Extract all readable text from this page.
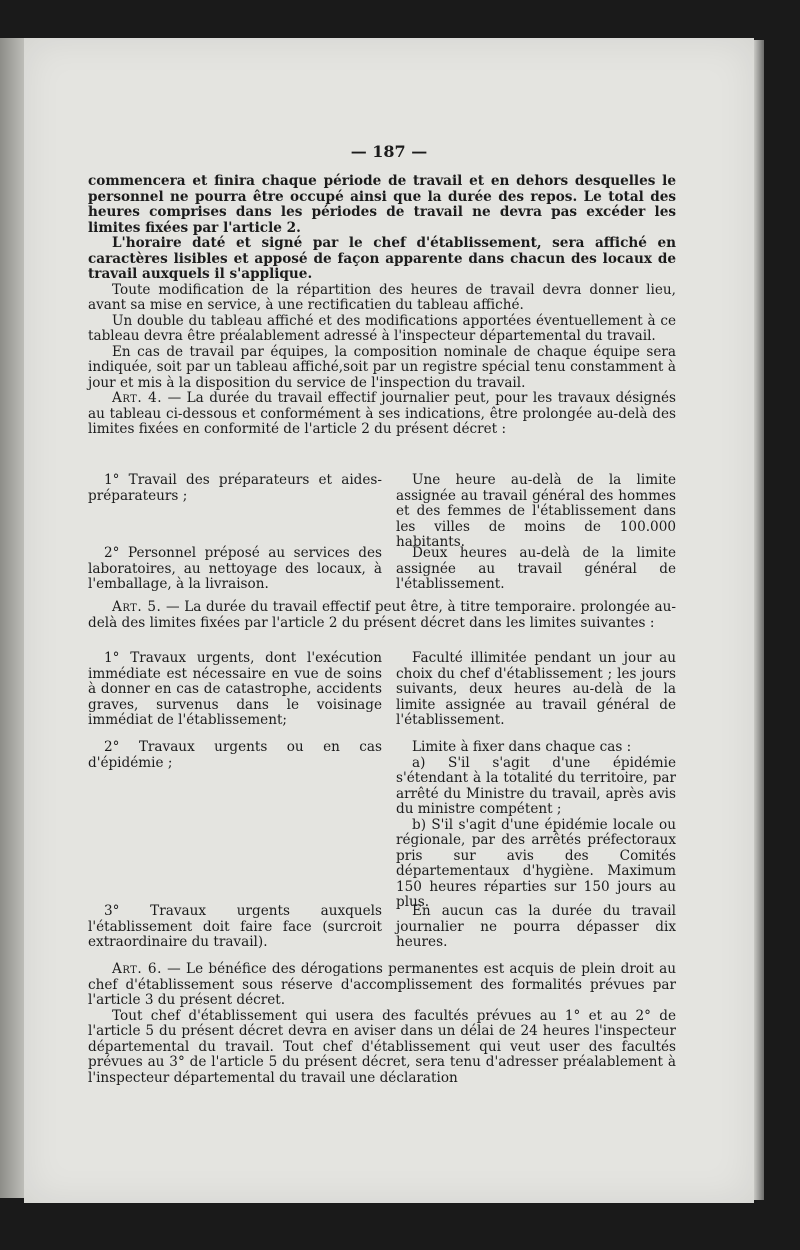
— 187 —

commencera et finira chaque période de travail et en dehors desquelles le personnel ne pourra être occupé ainsi que la durée des repos. Le total des heures comprises dans les périodes de travail ne devra pas excéder les limites fixées par l'article 2.

L'horaire daté et signé par le chef d'établissement, sera affiché en caractères lisibles et apposé de façon apparente dans chacun des locaux de travail auxquels il s'applique.

Toute modification de la répartition des heures de travail devra donner lieu, avant sa mise en service, à une rectificatien du tableau affiché.

Un double du tableau affiché et des modifications apportées éventuellement à ce tableau devra être préalablement adressé à l'inspecteur départemental du travail.

En cas de travail par équipes, la composition nominale de chaque équipe sera indiquée, soit par un tableau affiché,soit par un registre spécial tenu constamment à jour et mis à la disposition du service de l'inspection du travail.

Art. 4. — La durée du travail effectif journalier peut, pour les travaux désignés au tableau ci-dessous et conformément à ses indications, être prolongée au-delà des limites fixées en conformité de l'article 2 du présent décret :

1° Travail des préparateurs et aides-préparateurs ;

Une heure au-delà de la limite assignée au travail général des hommes et des femmes de l'établissement dans les villes de moins de 100.000 habitants.

2° Personnel préposé au services des laboratoires, au nettoyage des locaux, à l'emballage, à la livraison.

Deux heures au-delà de la limite assignée au travail général de l'établissement.

Art. 5. — La durée du travail effectif peut être, à titre temporaire. prolongée au-delà des limites fixées par l'article 2 du présent décret dans les limites suivantes :

1° Travaux urgents, dont l'exécution immédiate est nécessaire en vue de soins à donner en cas de catastrophe, accidents graves, survenus dans le voisinage immédiat de l'établissement;

Faculté illimitée pendant un jour au choix du chef d'établissement ; les jours suivants, deux heures au-delà de la limite assignée au travail général de l'établissement.

2° Travaux urgents ou en cas d'épidémie ;

Limite à fixer dans chaque cas :

a) S'il s'agit d'une épidémie s'étendant à la totalité du territoire, par arrêté du Ministre du travail, après avis du ministre compétent ;

b) S'il s'agit d'une épidémie locale ou régionale, par des arrêtés préfectoraux pris sur avis des Comités départementaux d'hygiène. Maximum 150 heures réparties sur 150 jours au plus.

3° Travaux urgents auxquels l'établissement doit faire face (surcroit extraordinaire du travail).

En aucun cas la durée du travail journalier ne pourra dépasser dix heures.

Art. 6. — Le bénéfice des dérogations permanentes est acquis de plein droit au chef d'établissement sous réserve d'accomplissement des formalités prévues par l'article 3 du présent décret.

Tout chef d'établissement qui usera des facultés prévues au 1° et au 2° de l'article 5 du présent décret devra en aviser dans un délai de 24 heures l'inspecteur départemental du travail. Tout chef d'établissement qui veut user des facultés prévues au 3° de l'article 5 du présent décret, sera tenu d'adresser préalablement à l'inspecteur départemental du travail une déclaration
